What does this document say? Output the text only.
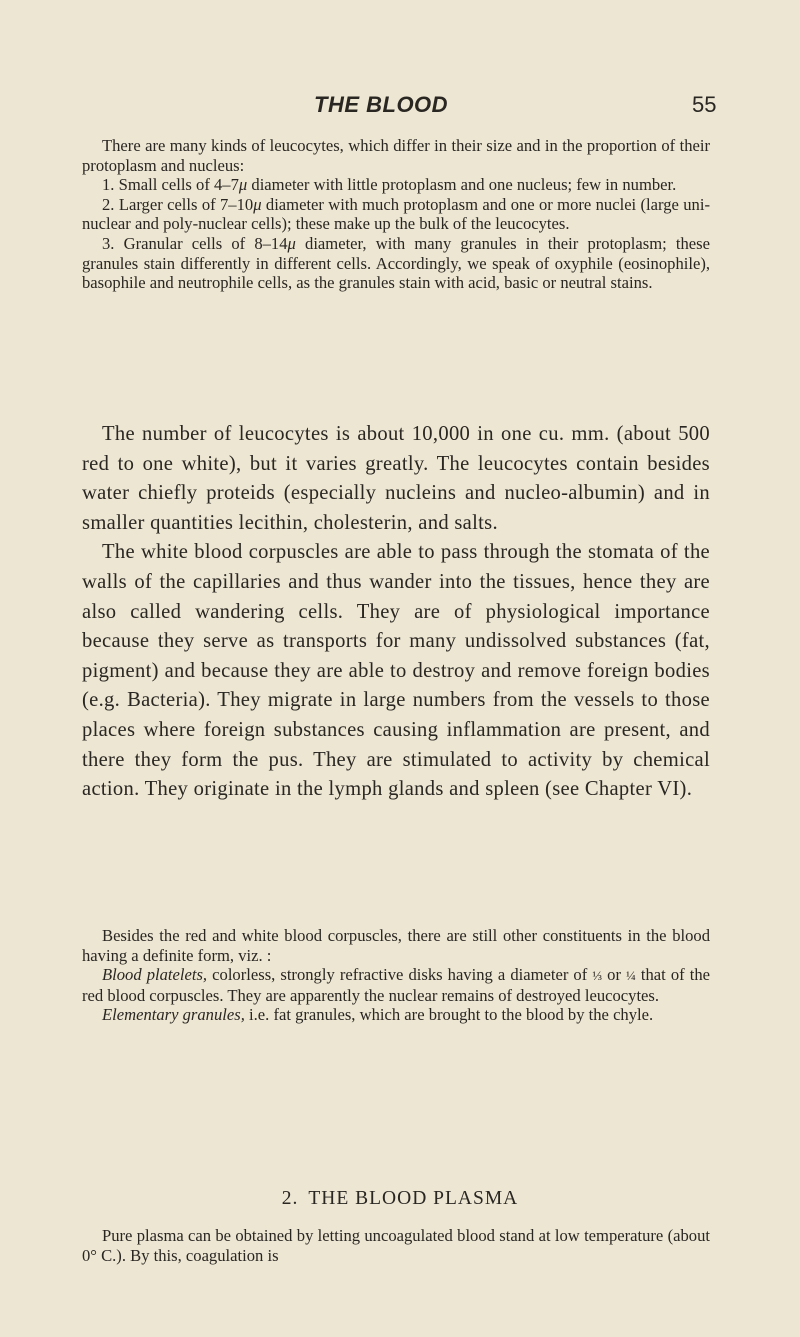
THE BLOOD	55

There are many kinds of leucocytes, which differ in their size and in the proportion of their protoplasm and nucleus:

1. Small cells of 4–7μ diameter with little protoplasm and one nucleus; few in number.

2. Larger cells of 7–10μ diameter with much protoplasm and one or more nuclei (large uni-nuclear and poly-nuclear cells); these make up the bulk of the leucocytes.

3. Granular cells of 8–14μ diameter, with many granules in their protoplasm; these granules stain differently in different cells. Accordingly, we speak of oxyphile (eosinophile), basophile and neutrophile cells, as the granules stain with acid, basic or neutral stains.

The number of leucocytes is about 10,000 in one cu. mm. (about 500 red to one white), but it varies greatly. The leucocytes contain besides water chiefly proteids (especially nucleins and nucleo-albumin) and in smaller quantities lecithin, cholesterin, and salts.

The white blood corpuscles are able to pass through the stomata of the walls of the capillaries and thus wander into the tissues, hence they are also called wandering cells. They are of physiological importance because they serve as transports for many undissolved substances (fat, pigment) and because they are able to destroy and remove foreign bodies (e.g. Bacteria). They migrate in large numbers from the vessels to those places where foreign substances causing inflammation are present, and there they form the pus. They are stimulated to activity by chemical action. They originate in the lymph glands and spleen (see Chapter VI).

Besides the red and white blood corpuscles, there are still other constituents in the blood having a definite form, viz. :

Blood platelets, colorless, strongly refractive disks having a diameter of ⅓ or ¼ that of the red blood corpuscles. They are apparently the nuclear remains of destroyed leucocytes.

Elementary granules, i.e. fat granules, which are brought to the blood by the chyle.

2. THE BLOOD PLASMA

Pure plasma can be obtained by letting uncoagulated blood stand at low temperature (about 0° C.). By this, coagulation is
